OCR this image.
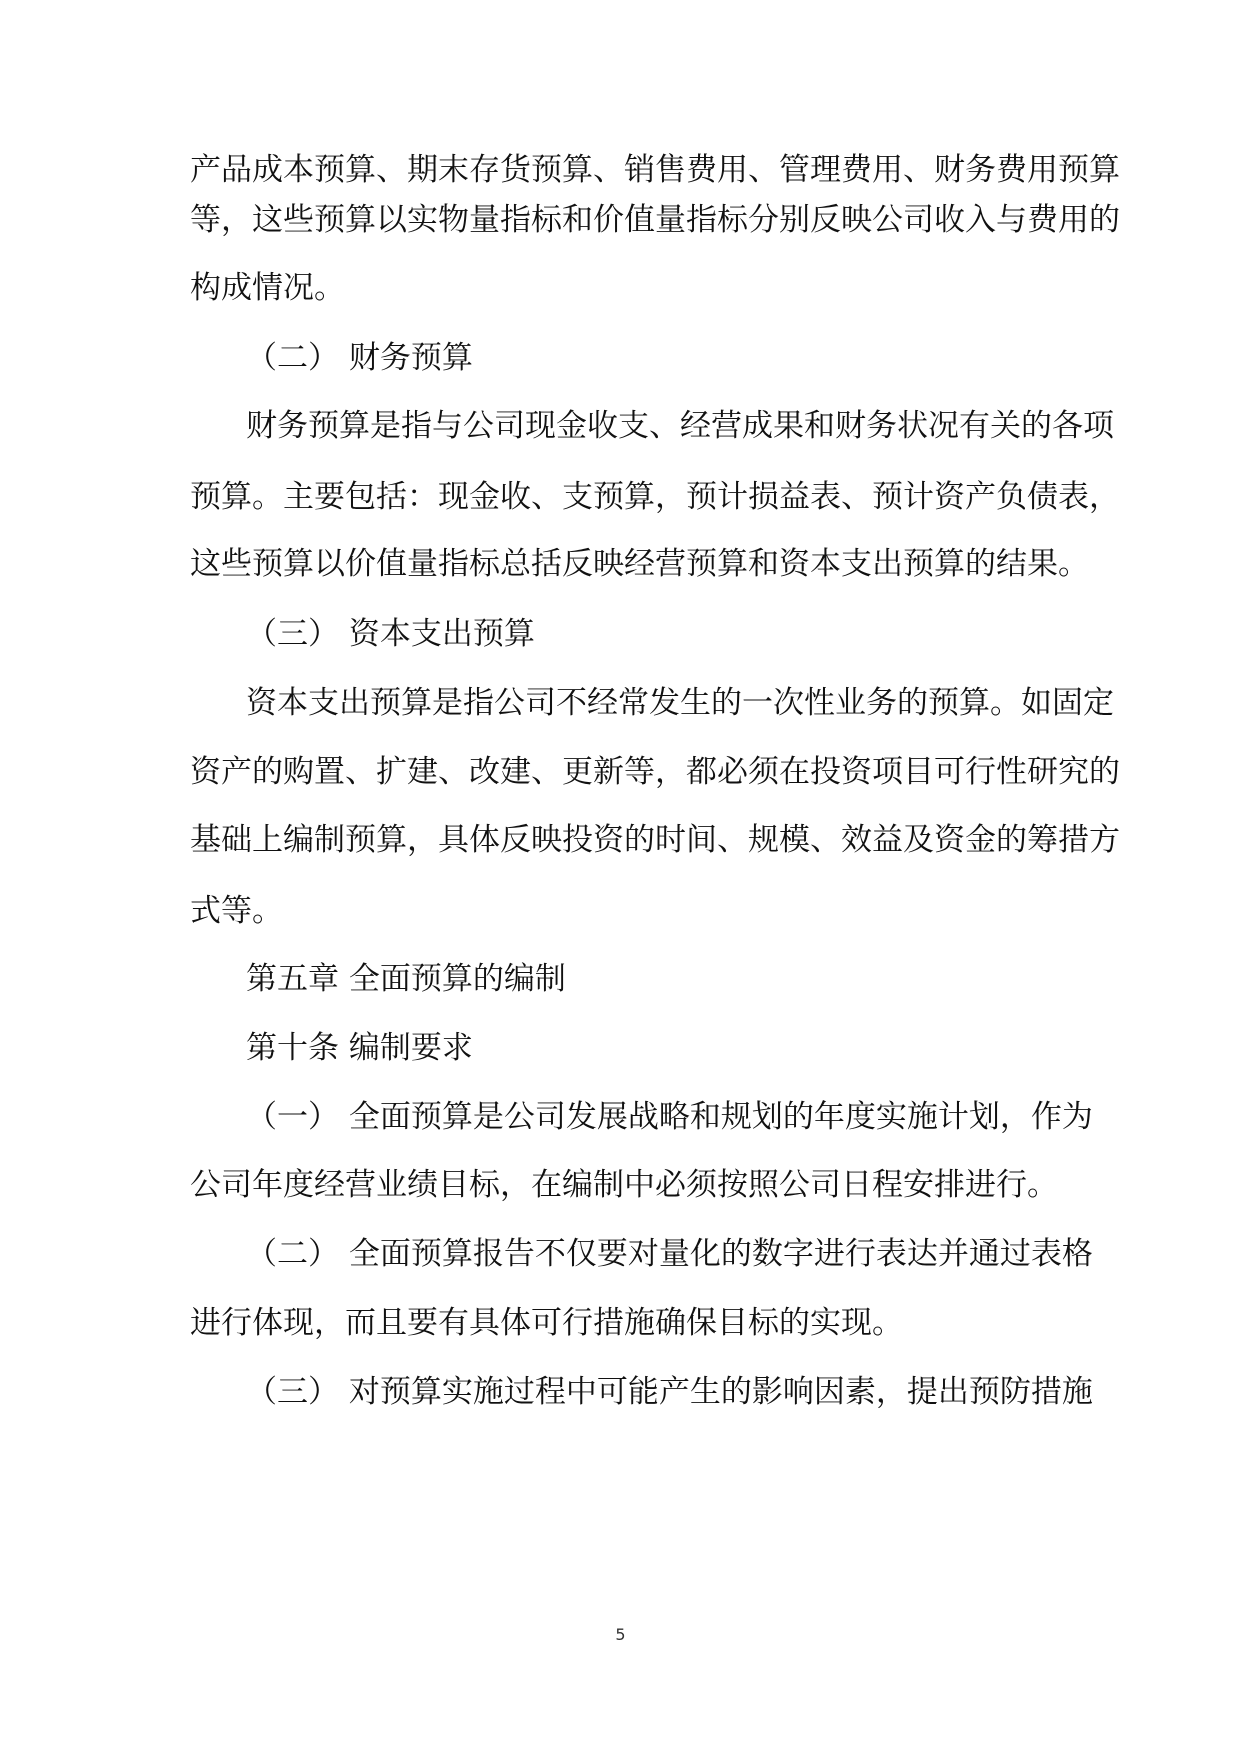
产品成本预算、期末存货预算、销售费用、管理费用、财务费用预算

等，这些预算以实物量指标和价值量指标分别反映公司收入与费用的

构成情况。

（二） 财务预算

财务预算是指与公司现金收支、经营成果和财务状况有关的各项

预算。主要包括：现金收、支预算，预计损益表、预计资产负债表，

这些预算以价值量指标总括反映经营预算和资本支出预算的结果。

（三） 资本支出预算

资本支出预算是指公司不经常发生的一次性业务的预算。如固定

资产的购置、扩建、改建、更新等，都必须在投资项目可行性研究的

基础上编制预算，具体反映投资的时间、规模、效益及资金的筹措方

式等。

第五章 全面预算的编制

第十条 编制要求

（一） 全面预算是公司发展战略和规划的年度实施计划，作为

公司年度经营业绩目标，在编制中必须按照公司日程安排进行。

（二） 全面预算报告不仅要对量化的数字进行表达并通过表格

进行体现，而且要有具体可行措施确保目标的实现。

（三） 对预算实施过程中可能产生的影响因素，提出预防措施

5
